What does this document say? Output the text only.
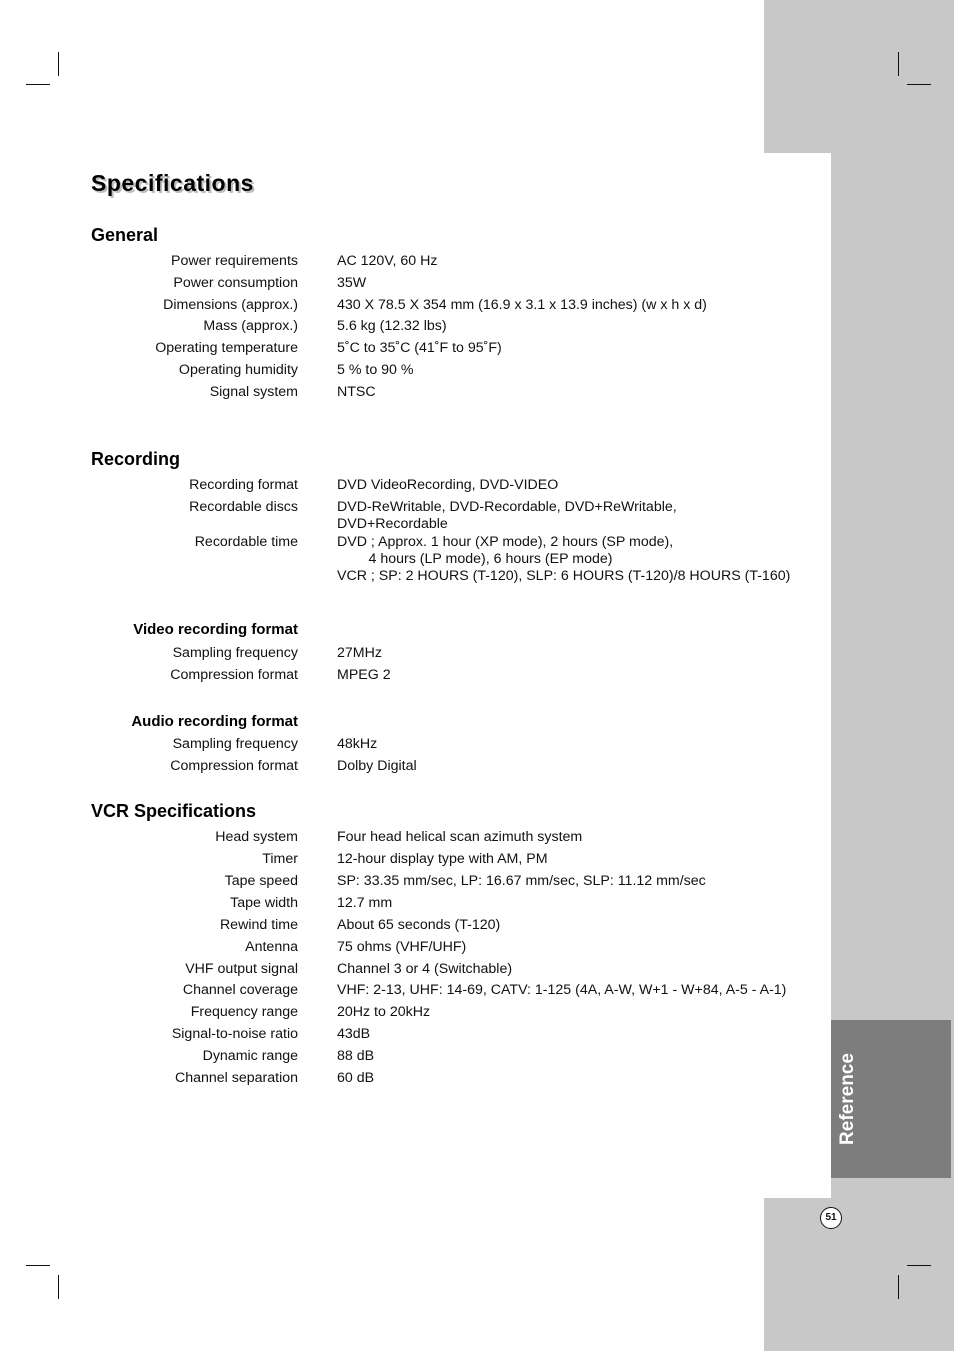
Reference
51
Specifications
General
Power requirements	AC 120V, 60 Hz
Power consumption	35W
Dimensions (approx.)	430 X 78.5 X 354 mm (16.9 x 3.1 x 13.9 inches) (w x h x d)
Mass (approx.)	5.6 kg (12.32 lbs)
Operating temperature	5˚C to 35˚C (41˚F to 95˚F)
Operating humidity	5 % to 90 %
Signal system	NTSC
Recording
Recording format	DVD VideoRecording, DVD-VIDEO
Recordable discs	DVD-ReWritable, DVD-Recordable, DVD+ReWritable,
DVD+Recordable
Recordable time	DVD ; Approx. 1 hour (XP mode), 2 hours (SP mode),
4 hours (LP mode), 6 hours (EP mode)
VCR ; SP: 2 HOURS (T-120), SLP: 6 HOURS (T-120)/8 HOURS (T-160)
Video recording format
Sampling frequency	27MHz
Compression format	MPEG 2
Audio recording format
Sampling frequency	48kHz
Compression format	Dolby Digital
VCR Specifications
Head system	Four head helical scan azimuth system
Timer	12-hour display type with AM, PM
Tape speed	SP: 33.35 mm/sec, LP: 16.67 mm/sec, SLP: 11.12 mm/sec
Tape width	12.7 mm
Rewind time	About 65 seconds (T-120)
Antenna	75 ohms (VHF/UHF)
VHF output signal	Channel 3 or 4 (Switchable)
Channel coverage	VHF: 2-13, UHF: 14-69, CATV: 1-125 (4A, A-W, W+1 - W+84, A-5 - A-1)
Frequency range	20Hz to 20kHz
Signal-to-noise ratio	43dB
Dynamic range	88 dB
Channel separation	60 dB
